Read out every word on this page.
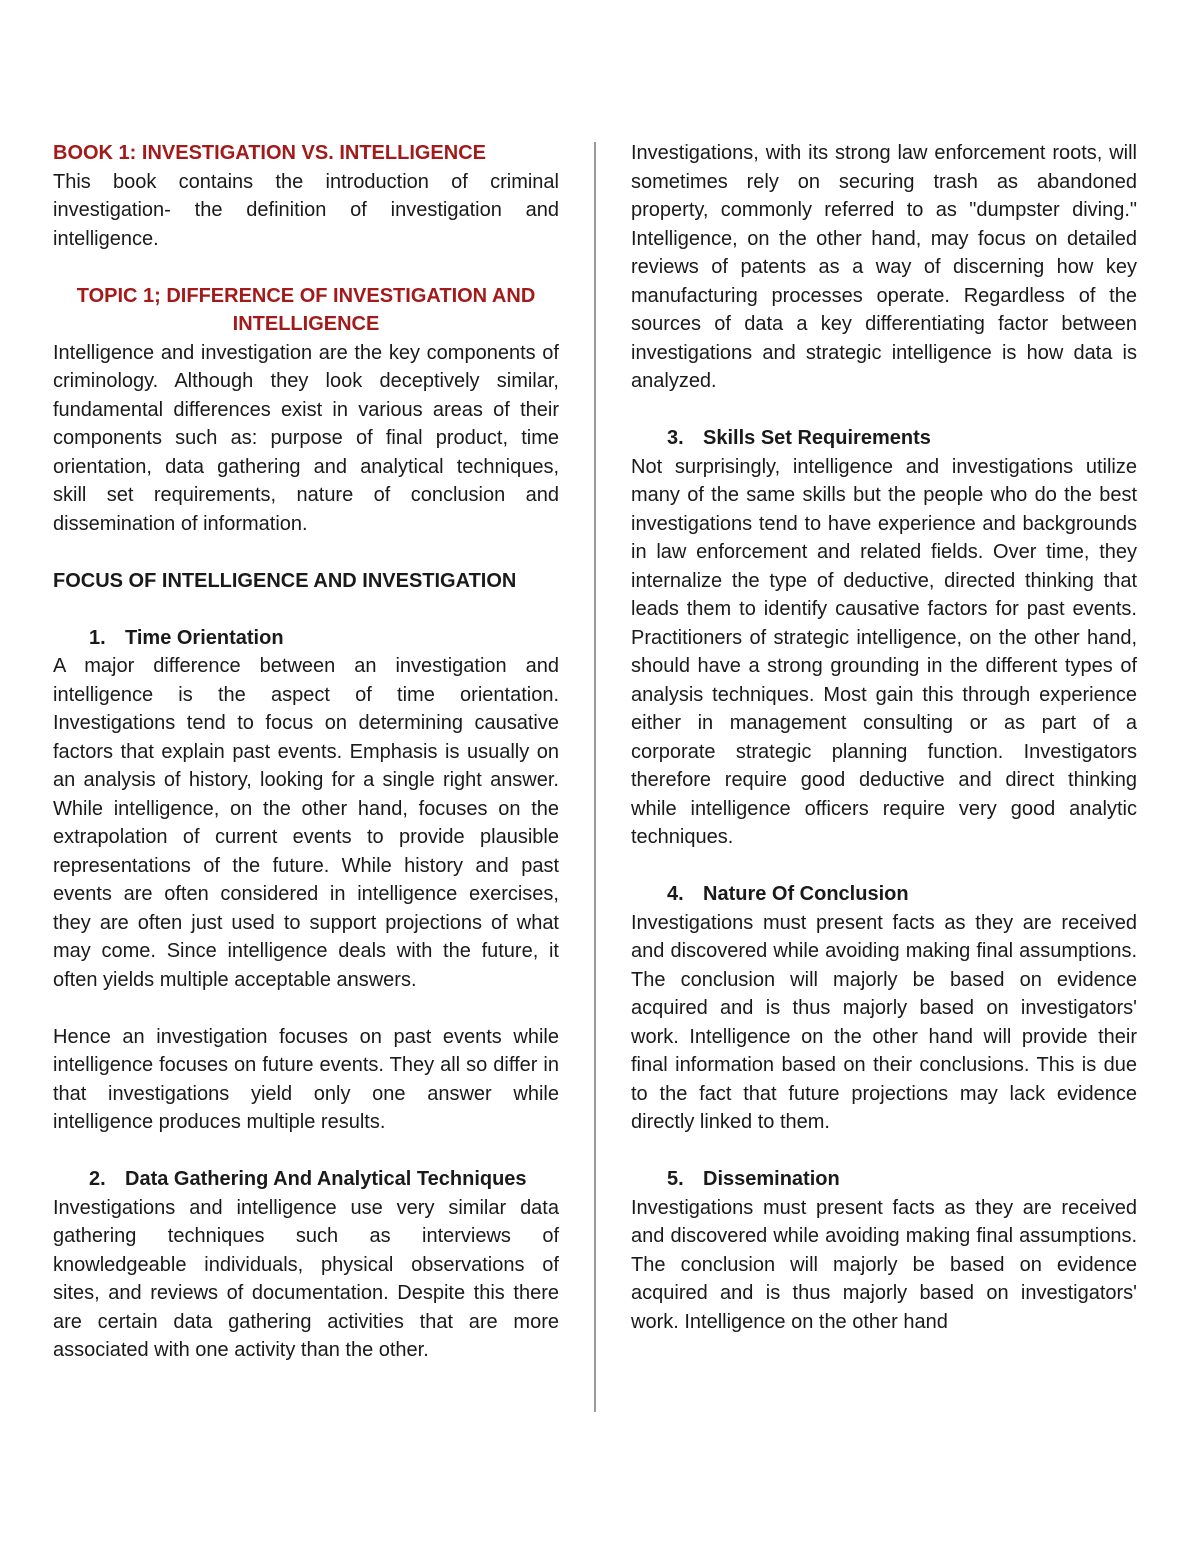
BOOK 1: INVESTIGATION VS. INTELLIGENCE

This book contains the introduction of criminal investigation- the definition of investigation and intelligence.

TOPIC 1; DIFFERENCE OF INVESTIGATION AND INTELLIGENCE

Intelligence and investigation are the key components of criminology. Although they look deceptively similar, fundamental differences exist in various areas of their components such as: purpose of final product, time orientation, data gathering and analytical techniques, skill set requirements, nature of conclusion and dissemination of information.

FOCUS OF INTELLIGENCE AND INVESTIGATION
1. Time Orientation

A major difference between an investigation and intelligence is the aspect of time orientation. Investigations tend to focus on determining causative factors that explain past events. Emphasis is usually on an analysis of history, looking for a single right answer. While intelligence, on the other hand, focuses on the extrapolation of current events to provide plausible representations of the future. While history and past events are often considered in intelligence exercises, they are often just used to support projections of what may come. Since intelligence deals with the future, it often yields multiple acceptable answers.

Hence an investigation focuses on past events while intelligence focuses on future events. They all so differ in that investigations yield only one answer while intelligence produces multiple results.

2. Data Gathering And Analytical Techniques

Investigations and intelligence use very similar data gathering techniques such as interviews of knowledgeable individuals, physical observations of sites, and reviews of documentation. Despite this there are certain data gathering activities that are more associated with one activity than the other.

Investigations, with its strong law enforcement roots, will sometimes rely on securing trash as abandoned property, commonly referred to as "dumpster diving." Intelligence, on the other hand, may focus on detailed reviews of patents as a way of discerning how key manufacturing processes operate. Regardless of the sources of data a key differentiating factor between investigations and strategic intelligence is how data is analyzed.

3. Skills Set Requirements

Not surprisingly, intelligence and investigations utilize many of the same skills but the people who do the best investigations tend to have experience and backgrounds in law enforcement and related fields. Over time, they internalize the type of deductive, directed thinking that leads them to identify causative factors for past events. Practitioners of strategic intelligence, on the other hand, should have a strong grounding in the different types of analysis techniques. Most gain this through experience either in management consulting or as part of a corporate strategic planning function. Investigators therefore require good deductive and direct thinking while intelligence officers require very good analytic techniques.

4. Nature Of Conclusion

Investigations must present facts as they are received and discovered while avoiding making final assumptions. The conclusion will majorly be based on evidence acquired and is thus majorly based on investigators' work. Intelligence on the other hand will provide their final information based on their conclusions. This is due to the fact that future projections may lack evidence directly linked to them.

5. Dissemination

Investigations must present facts as they are received and discovered while avoiding making final assumptions. The conclusion will majorly be based on evidence acquired and is thus majorly based on investigators' work. Intelligence on the other hand
